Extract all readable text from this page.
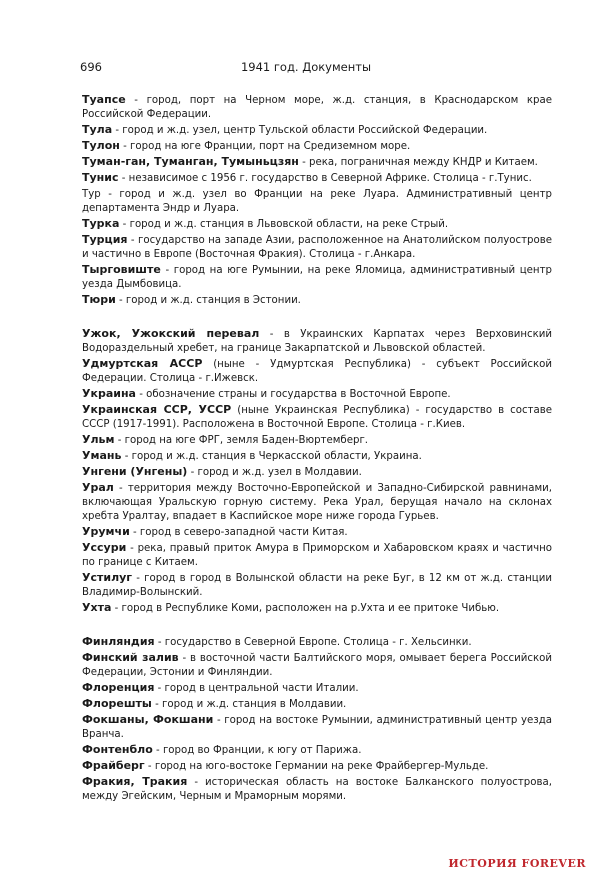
696	1941 год. Документы

Туапсе - город, порт на Черном море, ж.д. станция, в Краснодарском крае Российской Федерации.

Тула - город и ж.д. узел, центр Тульской области Российской Федерации.

Тулон - город на юге Франции, порт на Средиземном море.

Туман-ган, Туманган, Тумыньцзян - река, пограничная между КНДР и Китаем.

Тунис - независимое с 1956 г. государство в Северной Африке. Столица - г.Тунис.

Тур - город и ж.д. узел во Франции на реке Луара. Административный центр департамента Эндр и Луара.

Турка - город и ж.д. станция в Львовской области, на реке Стрый.

Турция - государство на западе Азии, расположенное на Анатолийском полуострове и частично в Европе (Восточная Фракия). Столица - г.Анкара.

Тырговиште - город на юге Румынии, на реке Яломица, административный центр уезда Дымбовица.

Тюри - город и ж.д. станция в Эстонии.

Ужок, Ужокский перевал - в Украинских Карпатах через Верховинский Водораздельный хребет, на границе Закарпатской и Львовской областей.

Удмуртская АССР (ныне - Удмуртская Республика) - субъект Российской Федерации. Столица - г.Ижевск.

Украина - обозначение страны и государства в Восточной Европе.

Украинская ССР, УССР (ныне Украинская Республика) - государство в составе СССР (1917-1991). Расположена в Восточной Европе. Столица - г.Киев.

Ульм - город на юге ФРГ, земля Баден-Вюртемберг.

Умань - город и ж.д. станция в Черкасской области, Украина.

Унгени (Унгены) - город и ж.д. узел в Молдавии.

Урал - территория между Восточно-Европейской и Западно-Сибирской равнинами, включающая Уральскую горную систему. Река Урал, берущая начало на склонах хребта Уралтау, впадает в Каспийское море ниже города Гурьев.

Урумчи - город в северо-западной части Китая.

Уссури - река, правый приток Амура в Приморском и Хабаровском краях и частично по границе с Китаем.

Устилуг - город в город в Волынской области на реке Буг, в 12 км от ж.д. станции Владимир-Волынский.

Ухта - город в Республике Коми, расположен на р.Ухта и ее притоке Чибью.

Финляндия - государство в Северной Европе. Столица - г. Хельсинки.

Финский залив - в восточной части Балтийского моря, омывает берега Российской Федерации, Эстонии и Финляндии.

Флоренция - город в центральной части Италии.

Флорешты - город и ж.д. станция в Молдавии.

Фокшаны, Фокшани - город на востоке Румынии, административный центр уезда Вранча.

Фонтенбло - город во Франции, к югу от Парижа.

Фрайберг - город на юго-востоке Германии на реке Фрайбергер-Мульде.

Фракия, Тракия - историческая область на востоке Балканского полуострова, между Эгейским, Черным и Мраморным морями.

ИСТОРИЯ FOREVER
